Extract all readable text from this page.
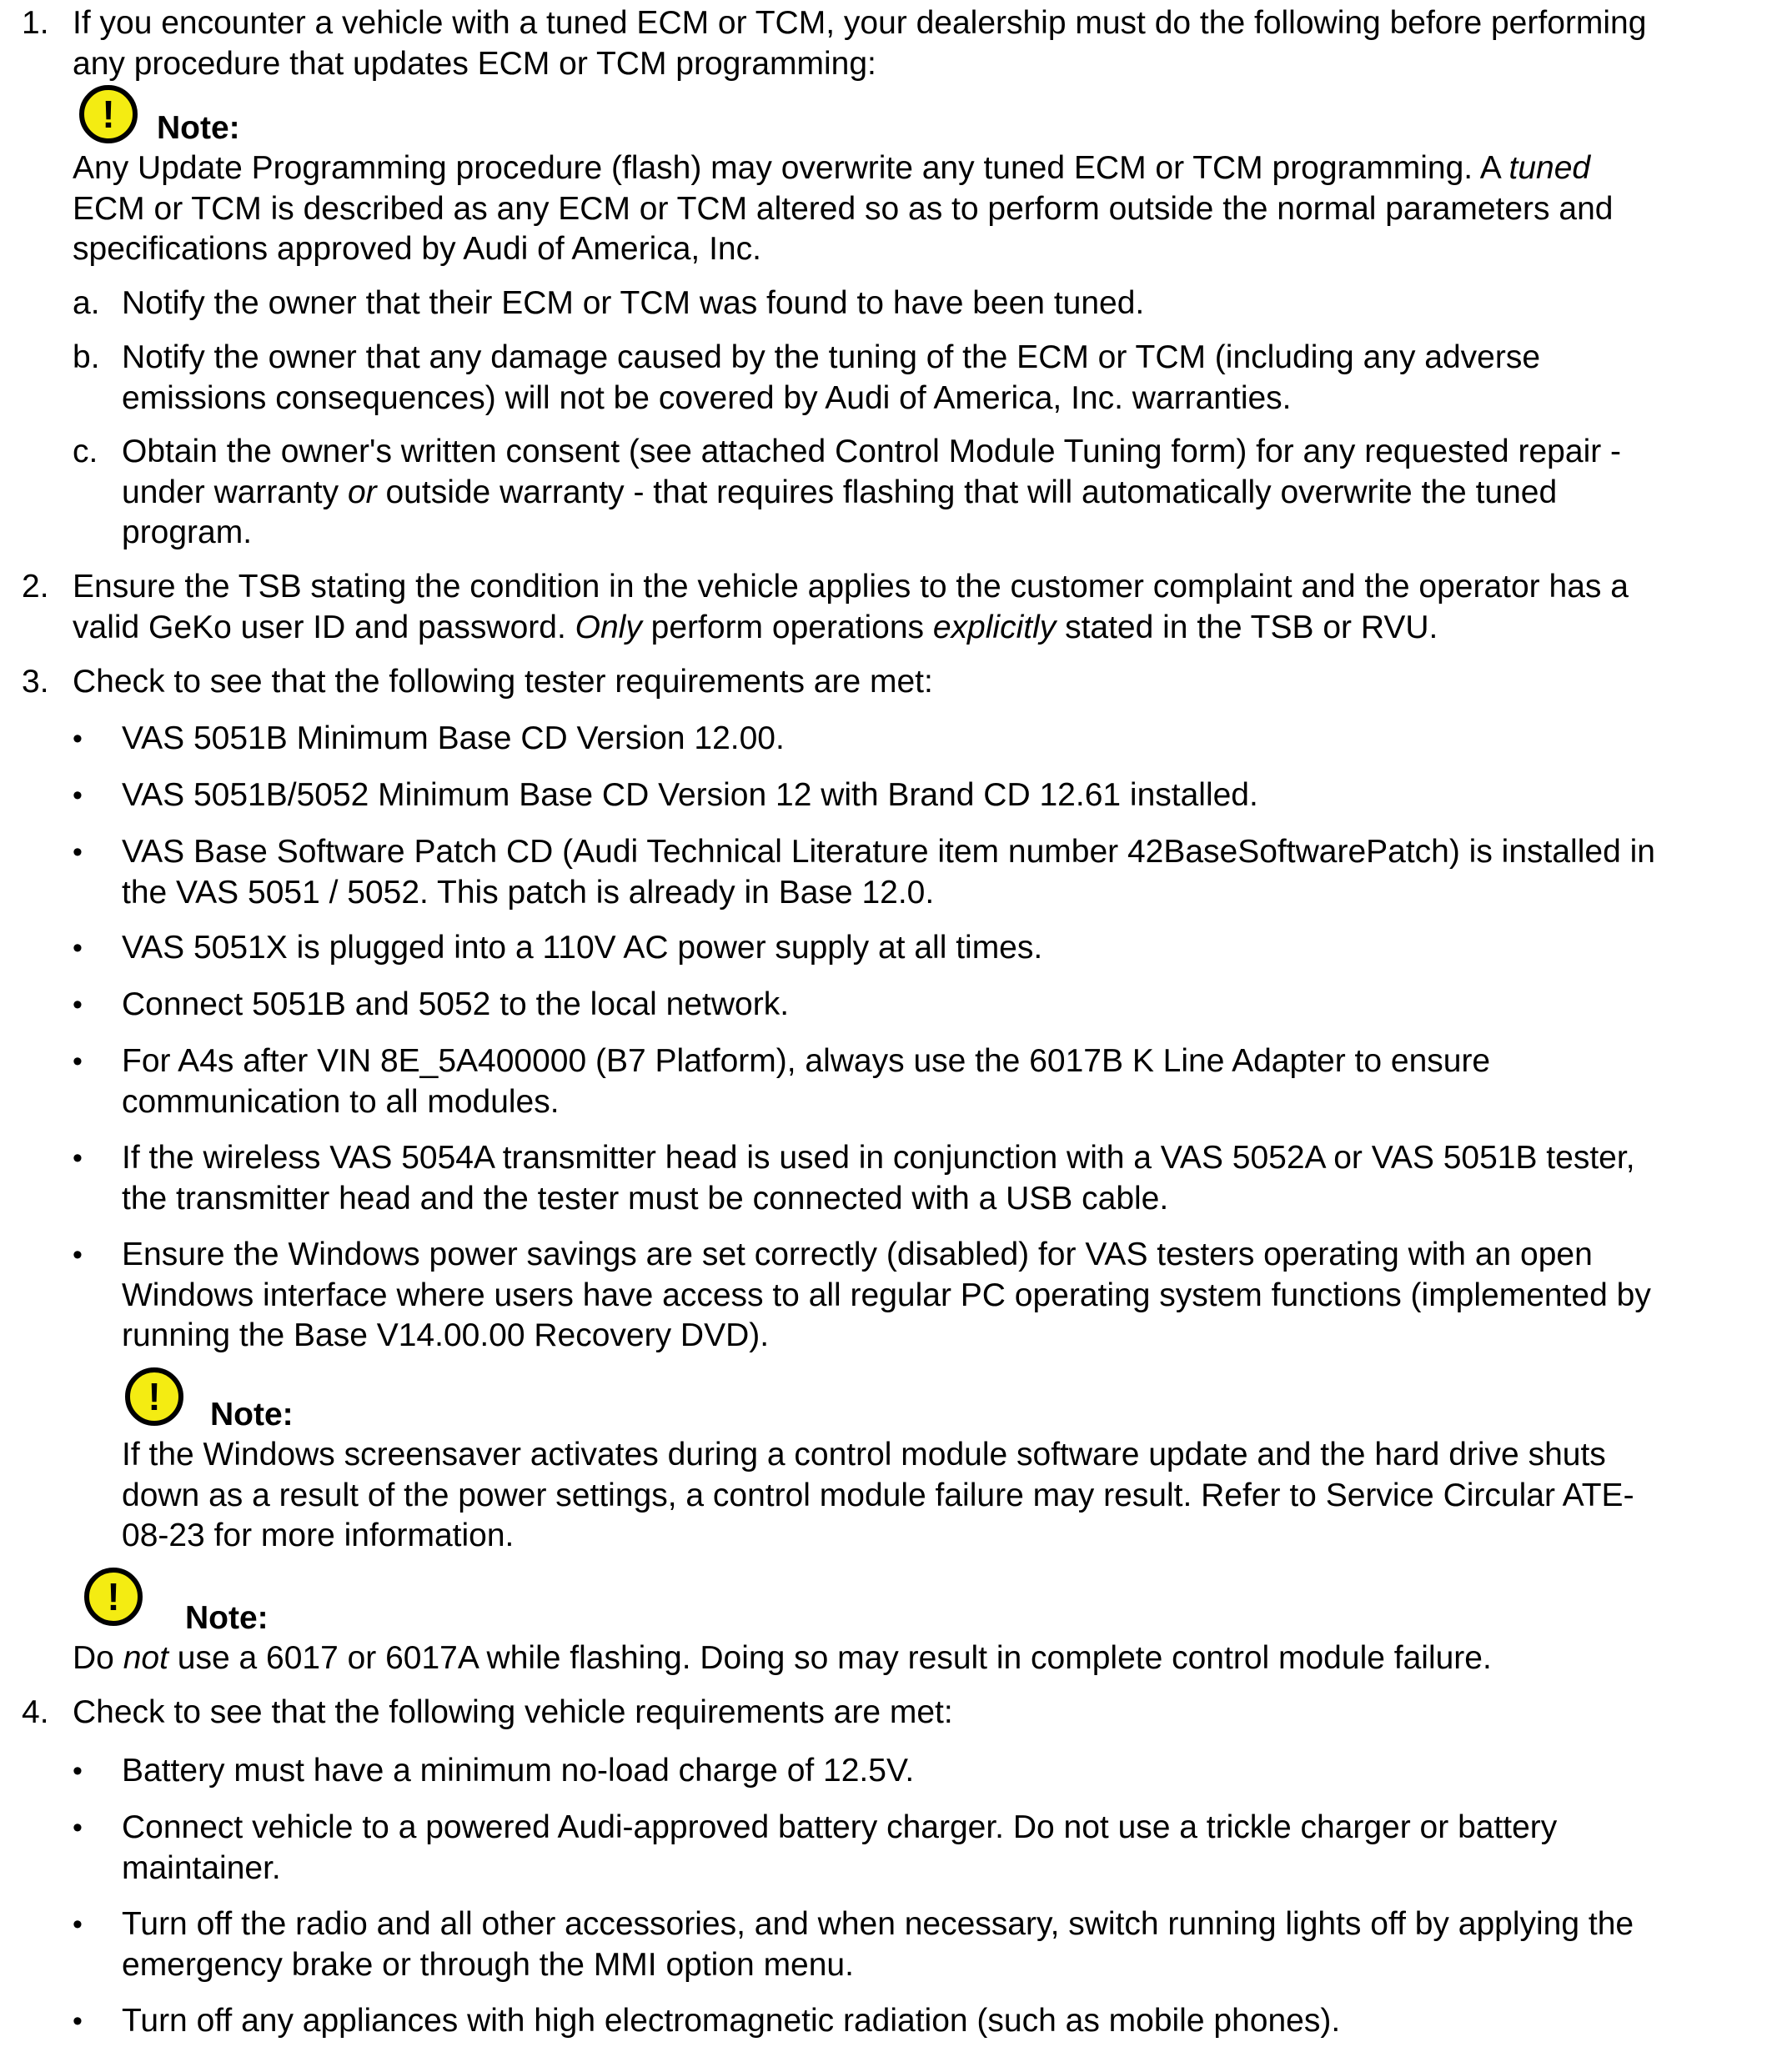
1. If you encounter a vehicle with a tuned ECM or TCM, your dealership must do the following before performing
any procedure that updates ECM or TCM programming:
! Note:
Any Update Programming procedure (flash) may overwrite any tuned ECM or TCM programming. A tuned
ECM or TCM is described as any ECM or TCM altered so as to perform outside the normal parameters and
specifications approved by Audi of America, Inc.
a. Notify the owner that their ECM or TCM was found to have been tuned.
b. Notify the owner that any damage caused by the tuning of the ECM or TCM (including any adverse
emissions consequences) will not be covered by Audi of America, Inc. warranties.
c. Obtain the owner's written consent (see attached Control Module Tuning form) for any requested repair -
under warranty or outside warranty - that requires flashing that will automatically overwrite the tuned
program.
2. Ensure the TSB stating the condition in the vehicle applies to the customer complaint and the operator has a
valid GeKo user ID and password. Only perform operations explicitly stated in the TSB or RVU.
3. Check to see that the following tester requirements are met:
• VAS 5051B Minimum Base CD Version 12.00.
• VAS 5051B/5052 Minimum Base CD Version 12 with Brand CD 12.61 installed.
• VAS Base Software Patch CD (Audi Technical Literature item number 42BaseSoftwarePatch) is installed in
the VAS 5051 / 5052. This patch is already in Base 12.0.
• VAS 5051X is plugged into a 110V AC power supply at all times.
• Connect 5051B and 5052 to the local network.
• For A4s after VIN 8E_5A400000 (B7 Platform), always use the 6017B K Line Adapter to ensure
communication to all modules.
• If the wireless VAS 5054A transmitter head is used in conjunction with a VAS 5052A or VAS 5051B tester,
the transmitter head and the tester must be connected with a USB cable.
• Ensure the Windows power savings are set correctly (disabled) for VAS testers operating with an open
Windows interface where users have access to all regular PC operating system functions (implemented by
running the Base V14.00.00 Recovery DVD).
! Note:
If the Windows screensaver activates during a control module software update and the hard drive shuts
down as a result of the power settings, a control module failure may result. Refer to Service Circular ATE-
08-23 for more information.
! Note:
Do not use a 6017 or 6017A while flashing. Doing so may result in complete control module failure.
4. Check to see that the following vehicle requirements are met:
• Battery must have a minimum no-load charge of 12.5V.
• Connect vehicle to a powered Audi-approved battery charger. Do not use a trickle charger or battery
maintainer.
• Turn off the radio and all other accessories, and when necessary, switch running lights off by applying the
emergency brake or through the MMI option menu.
• Turn off any appliances with high electromagnetic radiation (such as mobile phones).
